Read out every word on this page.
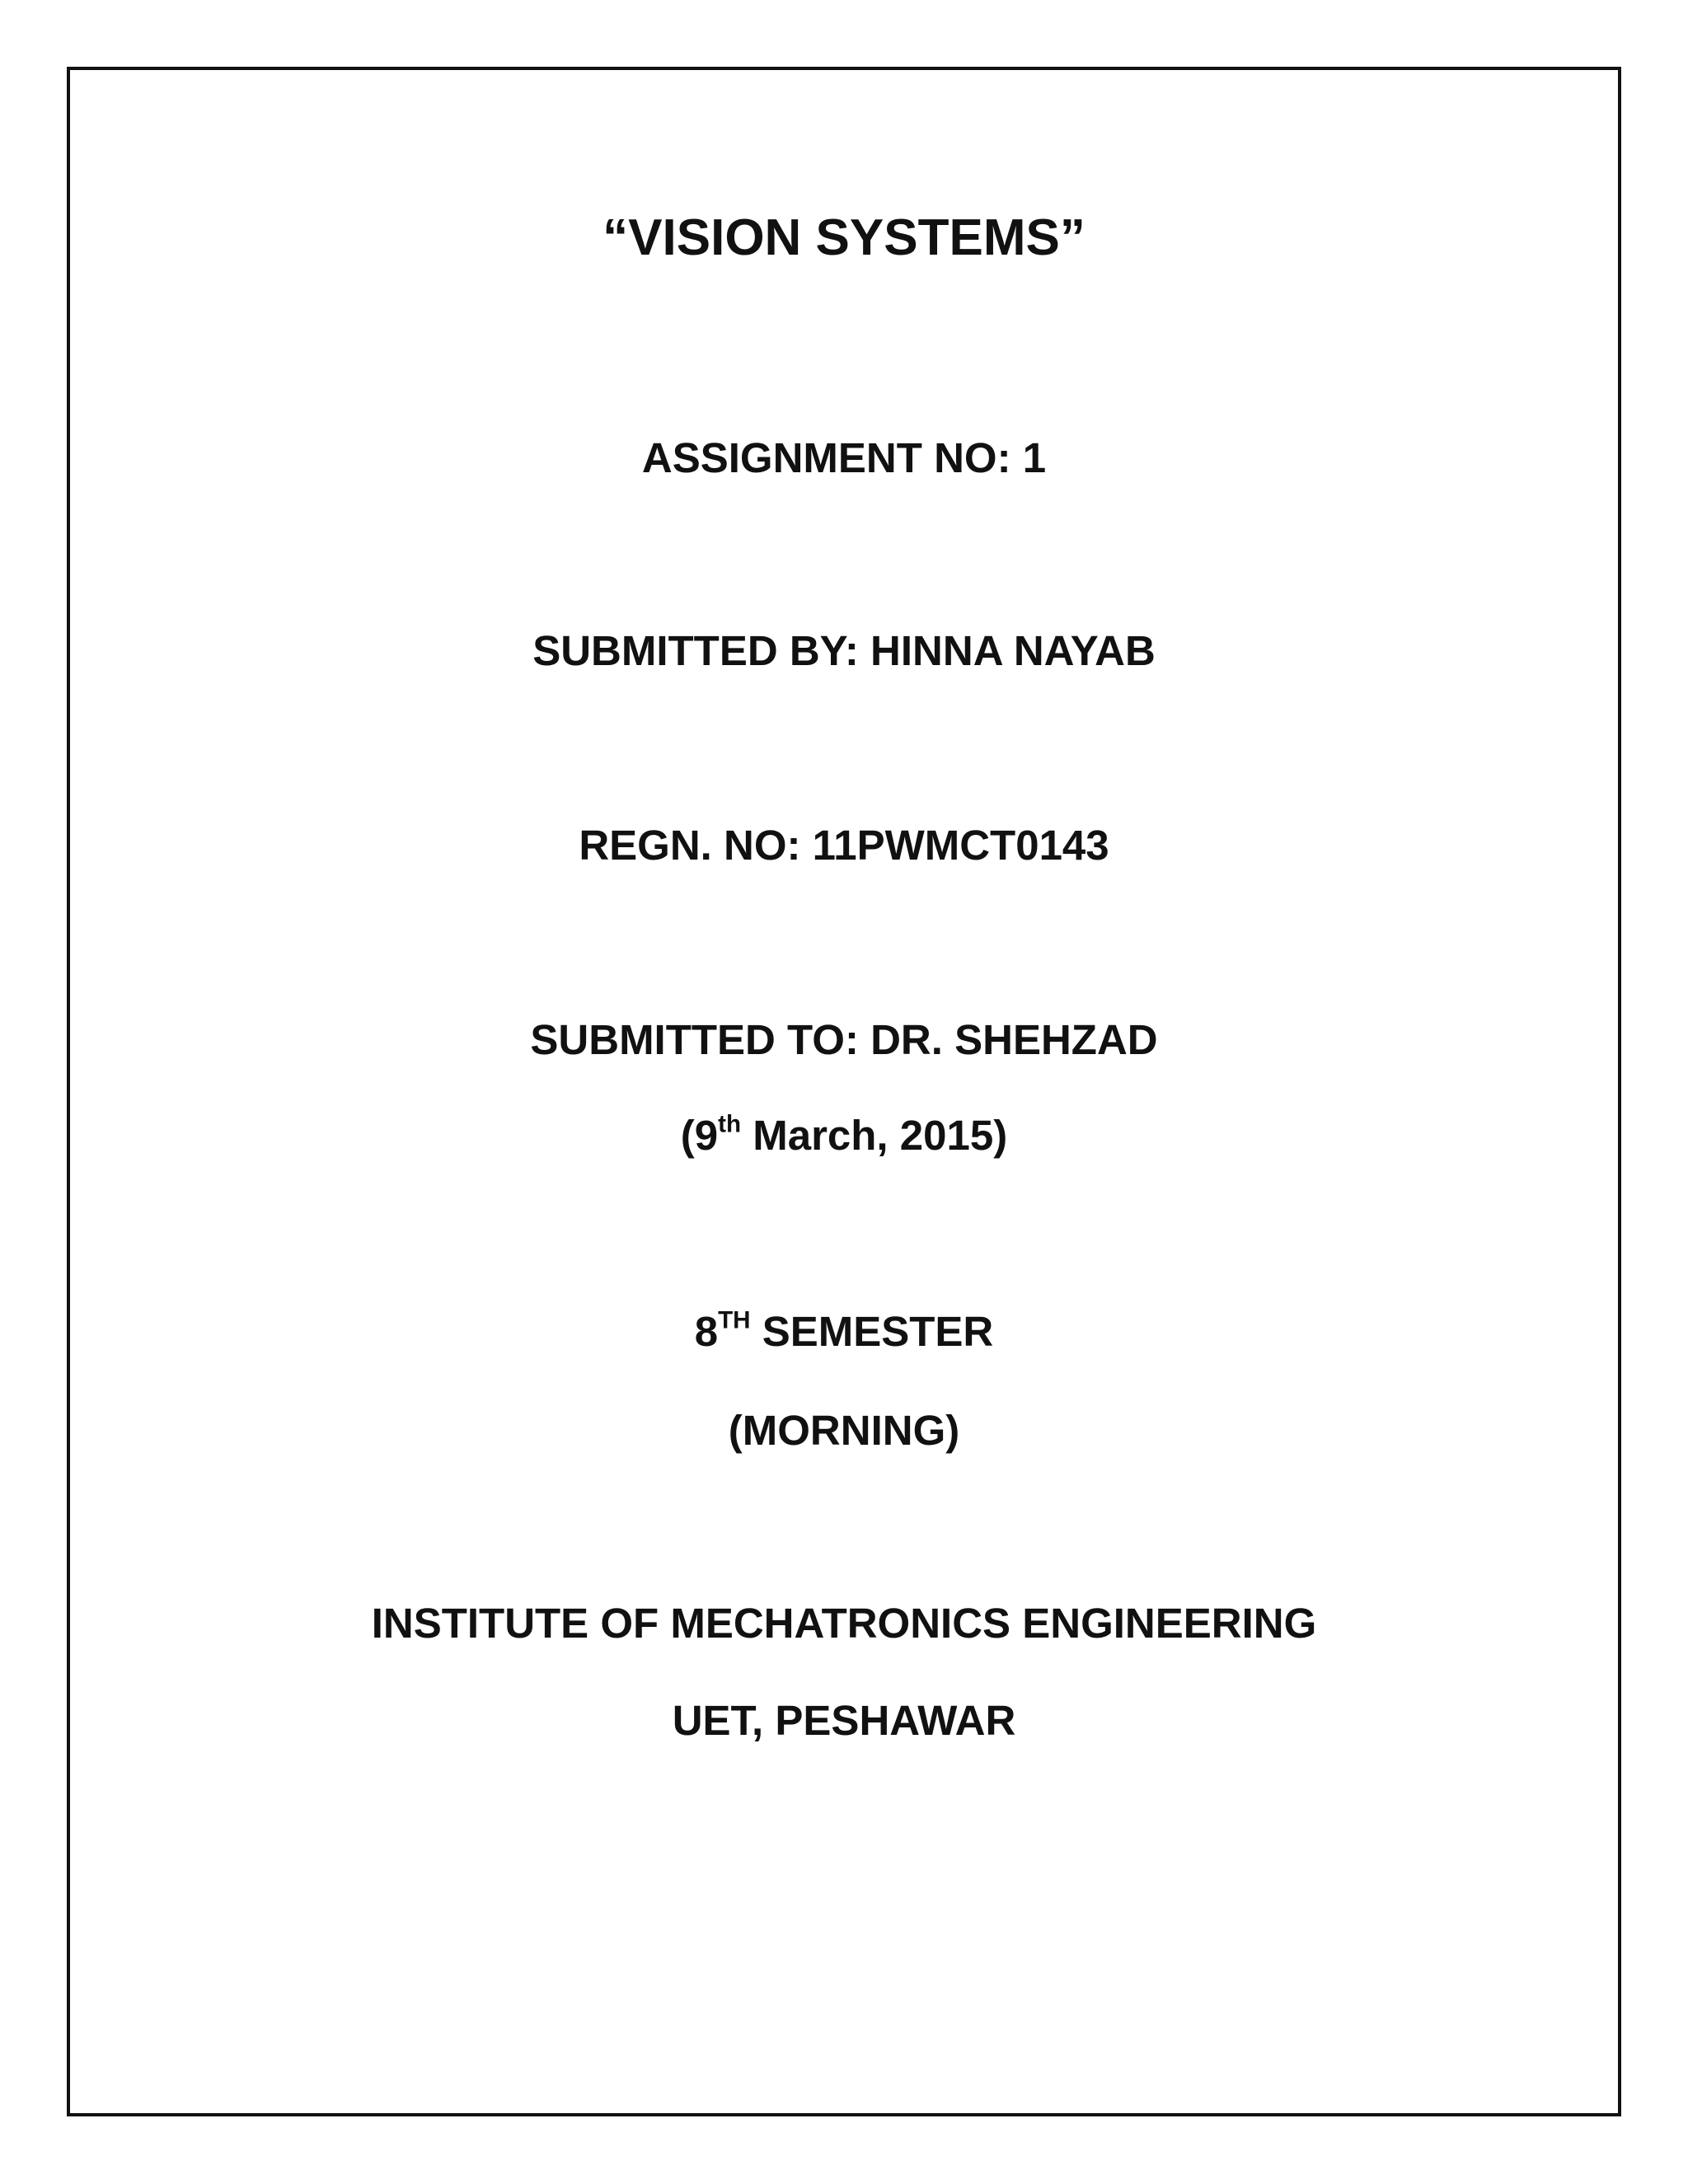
“VISION SYSTEMS”
ASSIGNMENT NO: 1
SUBMITTED BY: HINNA NAYAB
REGN. NO: 11PWMCT0143
SUBMITTED TO: DR. SHEHZAD
(9th March, 2015)
8TH SEMESTER
(MORNING)
INSTITUTE OF MECHATRONICS ENGINEERING
UET, PESHAWAR
